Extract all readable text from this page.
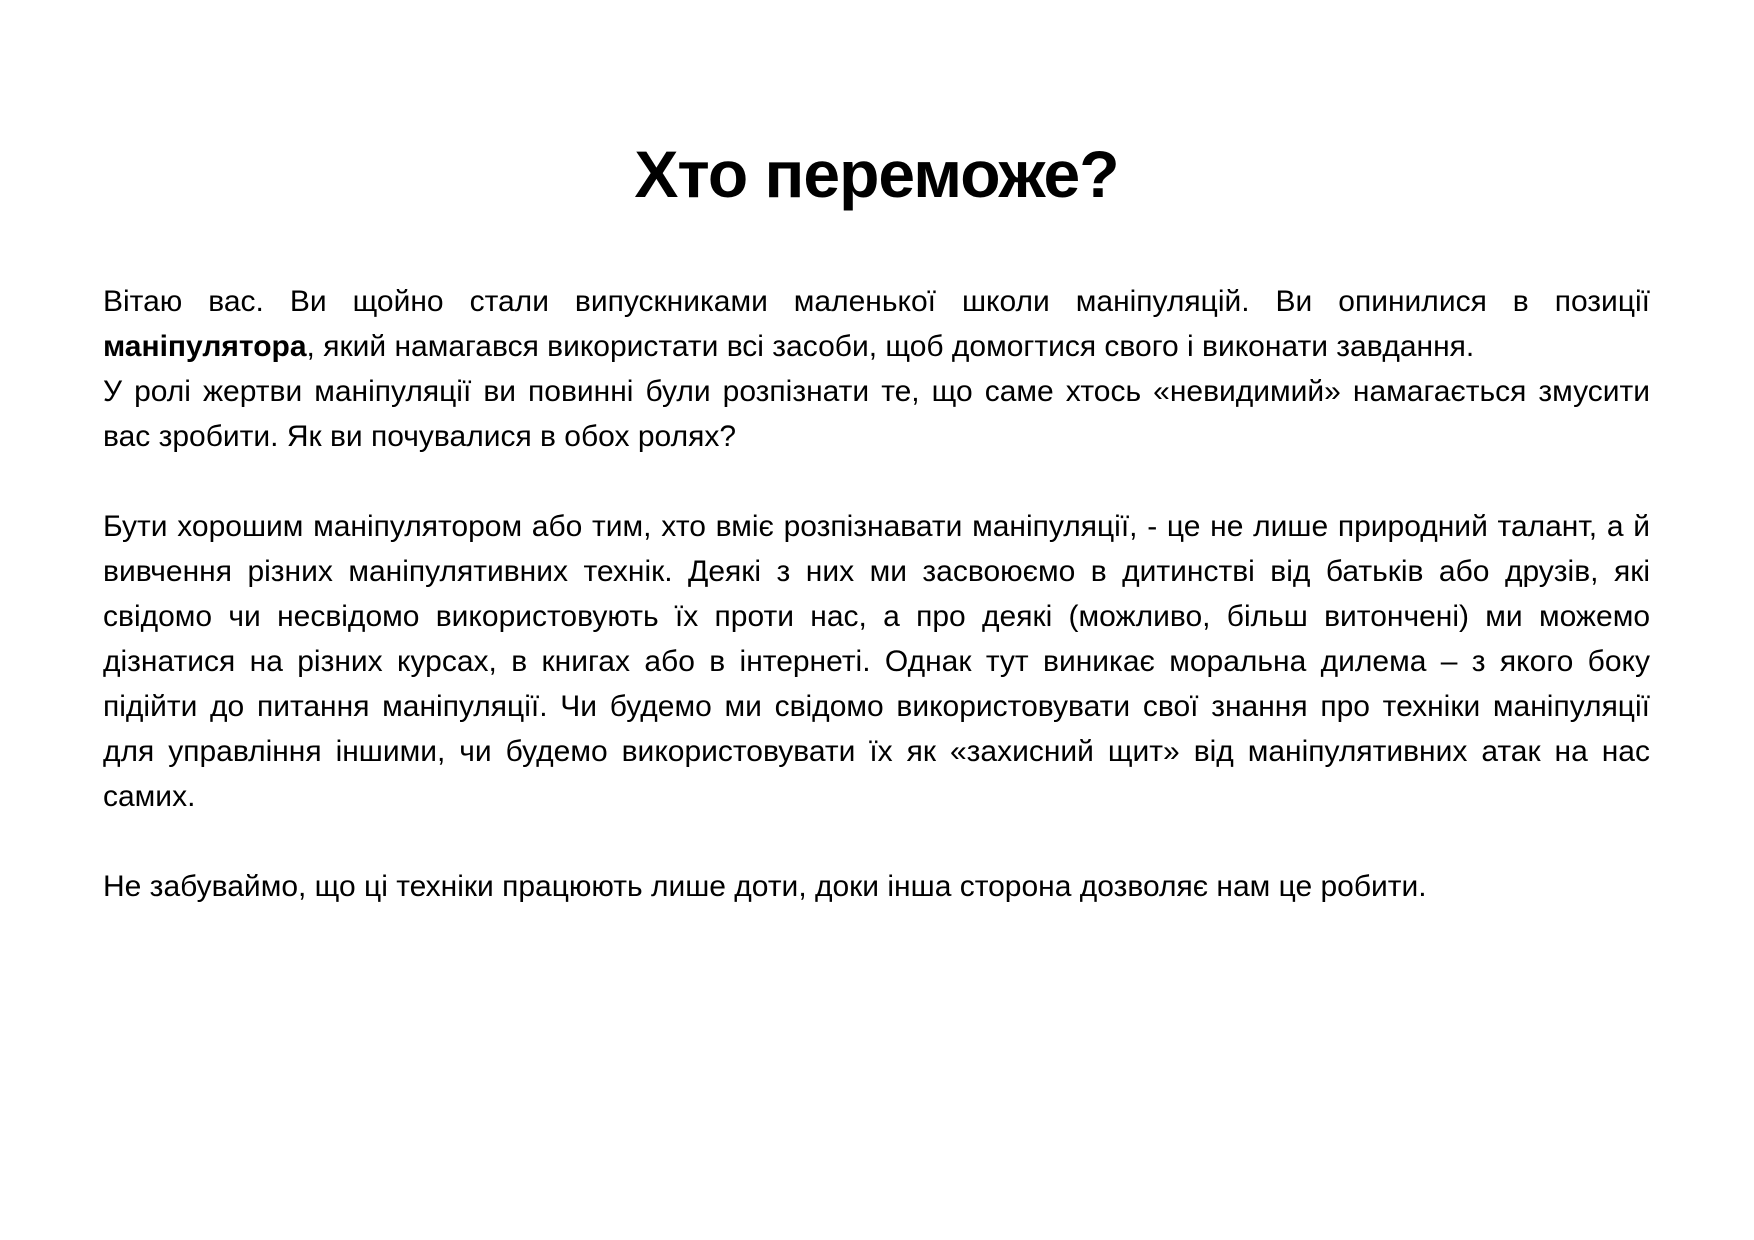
Хто переможе?

Вітаю вас. Ви щойно стали випускниками маленької школи маніпуляцій. Ви опинилися в позиції маніпулятора, який намагався використати всі засоби, щоб домогтися свого і виконати завдання.

У ролі жертви маніпуляції ви повинні були розпізнати те, що саме хтось «невидимий» намагається змусити вас зробити. Як ви почувалися в обох ролях?

Бути хорошим маніпулятором або тим, хто вміє розпізнавати маніпуляції, - це не лише природний талант, а й вивчення різних маніпулятивних технік. Деякі з них ми засвоюємо в дитинстві від батьків або друзів, які свідомо чи несвідомо використовують їх проти нас, а про деякі (можливо, більш витончені) ми можемо дізнатися на різних курсах, в книгах або в інтернеті. Однак тут виникає моральна дилема – з якого боку підійти до питання маніпуляції. Чи будемо ми свідомо використовувати свої знання про техніки маніпуляції для управління іншими, чи будемо використовувати їх як «захисний щит» від маніпулятивних атак на нас самих.

Не забуваймо, що ці техніки працюють лише доти, доки інша сторона дозволяє нам це робити.
